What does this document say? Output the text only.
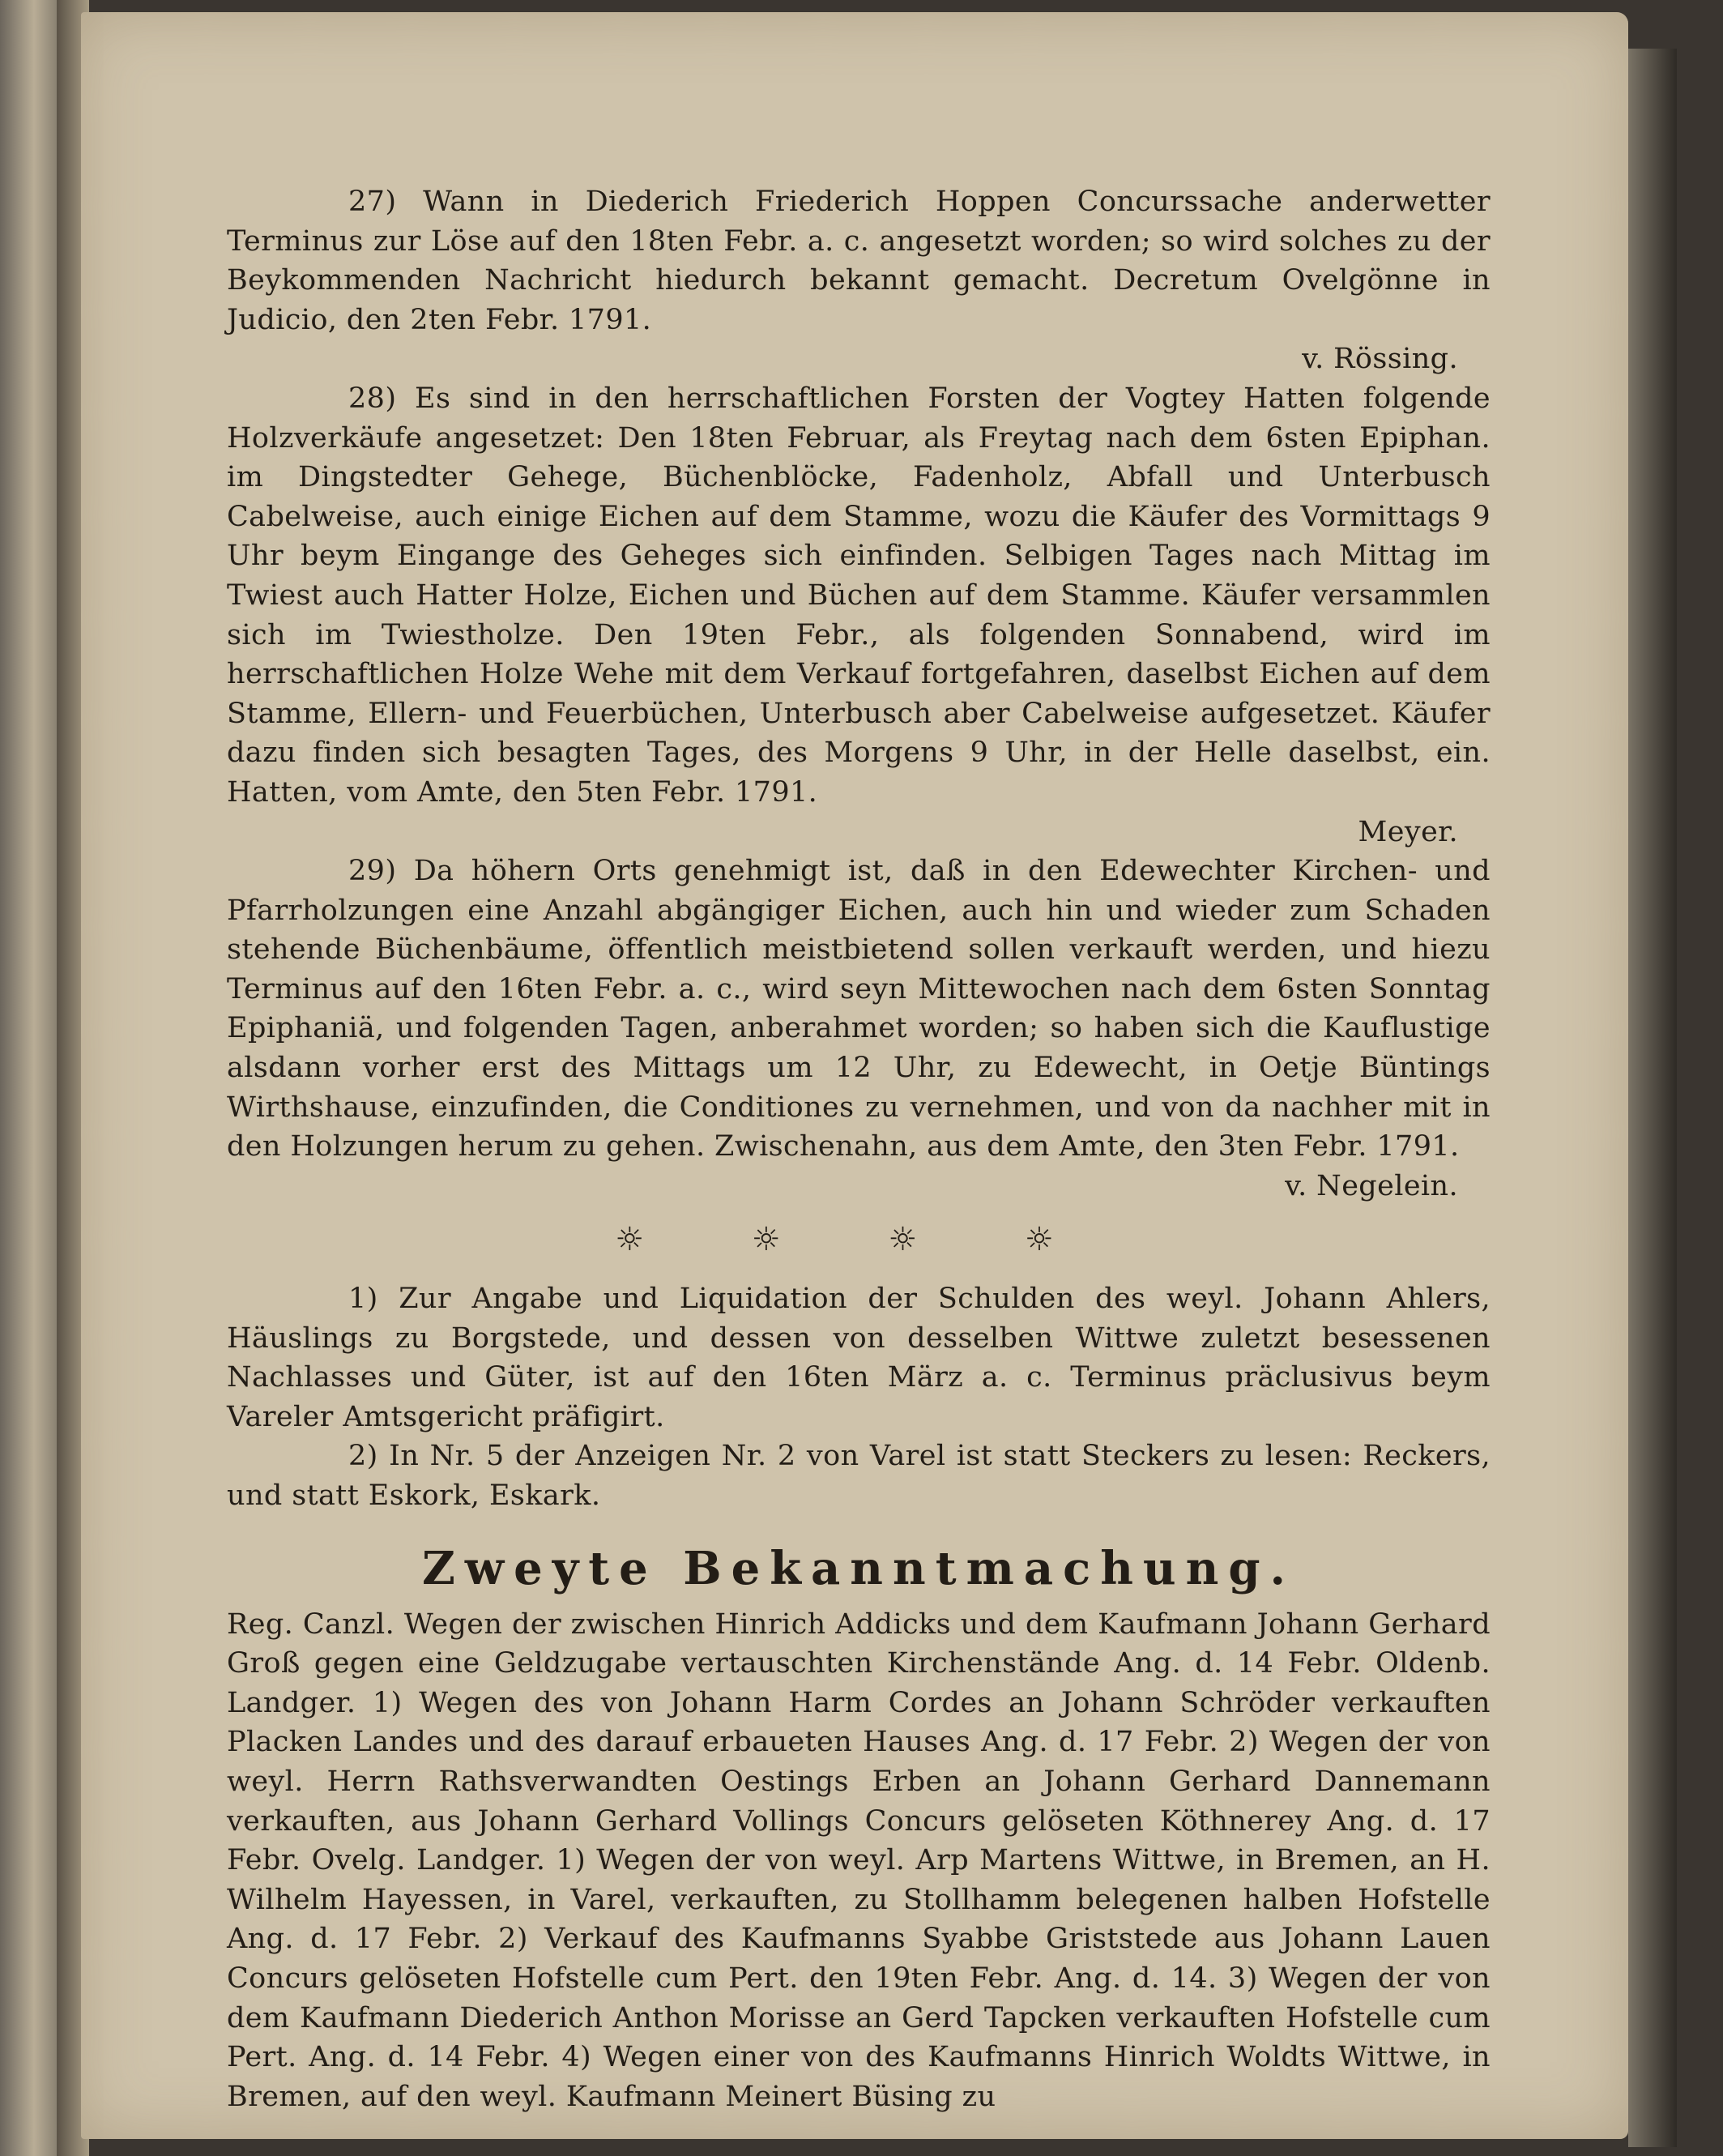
27) Wann in Diederich Friederich Hoppen Concurssache anderwetter Terminus zur Löse auf den 18ten Febr. a. c. angesetzt worden; so wird solches zu der Beykommenden Nachricht hiedurch bekannt gemacht. Decretum Ovelgönne in Judicio, den 2ten Febr. 1791.

v. Rössing.

28) Es sind in den herrschaftlichen Forsten der Vogtey Hatten folgende Holzverkäufe angesetzet: Den 18ten Februar, als Freytag nach dem 6sten Epiphan. im Dingstedter Gehege, Büchenblöcke, Fadenholz, Abfall und Unterbusch Cabelweise, auch einige Eichen auf dem Stamme, wozu die Käufer des Vormittags 9 Uhr beym Eingange des Geheges sich einfinden. Selbigen Tages nach Mittag im Twiest auch Hatter Holze, Eichen und Büchen auf dem Stamme. Käufer versammlen sich im Twiestholze. Den 19ten Febr., als folgenden Sonnabend, wird im herrschaftlichen Holze Wehe mit dem Verkauf fortgefahren, daselbst Eichen auf dem Stamme, Ellern- und Feuerbüchen, Unterbusch aber Cabelweise aufgesetzet. Käufer dazu finden sich besagten Tages, des Morgens 9 Uhr, in der Helle daselbst, ein. Hatten, vom Amte, den 5ten Febr. 1791.

Meyer.

29) Da höhern Orts genehmigt ist, daß in den Edewechter Kirchen- und Pfarrholzungen eine Anzahl abgängiger Eichen, auch hin und wieder zum Schaden stehende Büchenbäume, öffentlich meistbietend sollen verkauft werden, und hiezu Terminus auf den 16ten Febr. a. c., wird seyn Mittewochen nach dem 6sten Sonntag Epiphaniä, und folgenden Tagen, anberahmet worden; so haben sich die Kauflustige alsdann vorher erst des Mittags um 12 Uhr, zu Edewecht, in Oetje Büntings Wirthshause, einzufinden, die Conditiones zu vernehmen, und von da nachher mit in den Holzungen herum zu gehen. Zwischenahn, aus dem Amte, den 3ten Febr. 1791.

v. Negelein.

☼ ☼ ☼ ☼

1) Zur Angabe und Liquidation der Schulden des weyl. Johann Ahlers, Häuslings zu Borgstede, und dessen von desselben Wittwe zuletzt besessenen Nachlasses und Güter, ist auf den 16ten März a. c. Terminus präclusivus beym Vareler Amtsgericht präfigirt.

2) In Nr. 5 der Anzeigen Nr. 2 von Varel ist statt Steckers zu lesen: Reckers, und statt Eskork, Eskark.

Zweyte Bekanntmachung.

Reg. Canzl. Wegen der zwischen Hinrich Addicks und dem Kaufmann Johann Gerhard Groß gegen eine Geldzugabe vertauschten Kirchenstände Ang. d. 14 Febr. Oldenb. Landger. 1) Wegen des von Johann Harm Cordes an Johann Schröder verkauften Placken Landes und des darauf erbaueten Hauses Ang. d. 17 Febr. 2) Wegen der von weyl. Herrn Rathsverwandten Oestings Erben an Johann Gerhard Dannemann verkauften, aus Johann Gerhard Vollings Concurs gelöseten Köthnerey Ang. d. 17 Febr. Ovelg. Landger. 1) Wegen der von weyl. Arp Martens Wittwe, in Bremen, an H. Wilhelm Hayessen, in Varel, verkauften, zu Stollhamm belegenen halben Hofstelle Ang. d. 17 Febr. 2) Verkauf des Kaufmanns Syabbe Griststede aus Johann Lauen Concurs gelöseten Hofstelle cum Pert. den 19ten Febr. Ang. d. 14. 3) Wegen der von dem Kaufmann Diederich Anthon Morisse an Gerd Tapcken verkauften Hofstelle cum Pert. Ang. d. 14 Febr. 4) Wegen einer von des Kaufmanns Hinrich Woldts Wittwe, in Bremen, auf den weyl. Kaufmann Meinert Büsing zu
